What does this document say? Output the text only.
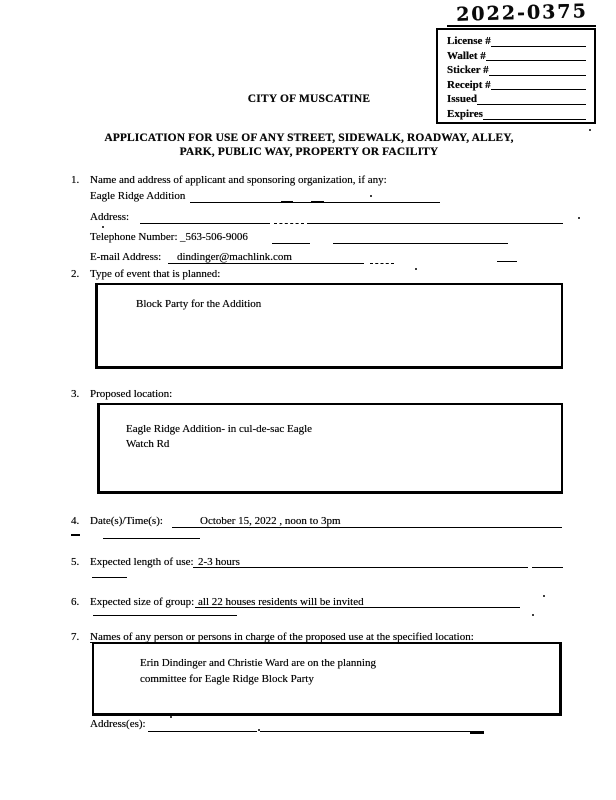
2022-0375
License #
Wallet #
Sticker #
Receipt #
Issued
Expires
CITY OF MUSCATINE
APPLICATION FOR USE OF ANY STREET, SIDEWALK, ROADWAY, ALLEY,
PARK, PUBLIC WAY, PROPERTY OR FACILITY
1. Name and address of applicant and sponsoring organization, if any:
Eagle Ridge Addition
Address:
Telephone Number: _563-506-9006
E-mail Address: dindinger@machlink.com
2. Type of event that is planned:
Block Party for the Addition
3. Proposed location:
Eagle Ridge Addition- in cul-de-sac Eagle
Watch Rd
4. Date(s)/Time(s):	October 15, 2022 , noon to 3pm
5. Expected length of use: 2-3 hours
6. Expected size of group: all 22 houses residents will be invited
7. Names of any person or persons in charge of the proposed use at the specified location:
Erin Dindinger and Christie Ward are on the planning
committee for Eagle Ridge Block Party
Address(es):
